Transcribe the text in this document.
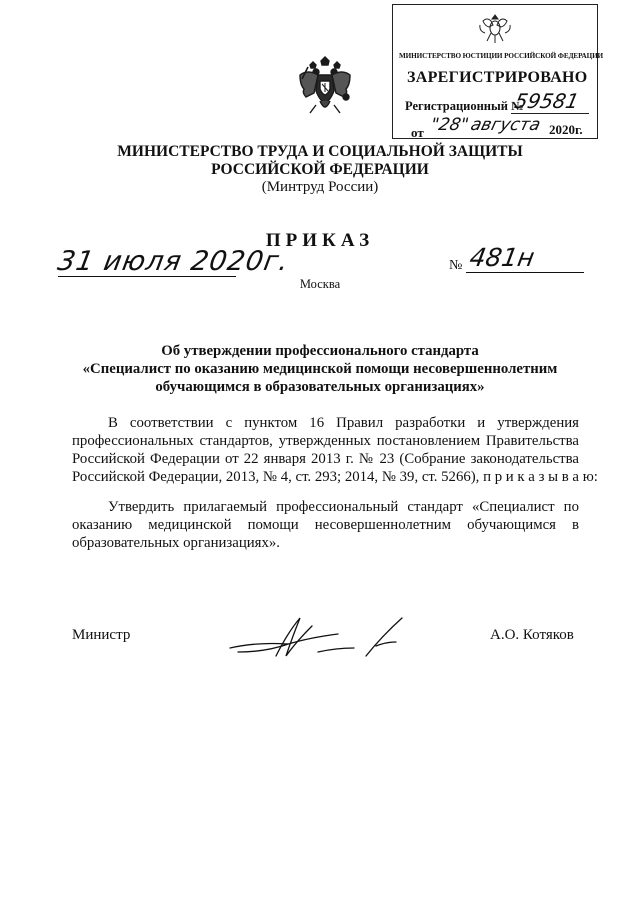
МИНИСТЕРСТВО ЮСТИЦИИ РОССИЙСКОЙ ФЕДЕРАЦИИ
ЗАРЕГИСТРИРОВАНО
Регистрационный №
59581
от "28"
августа 2020г.
МИНИСТЕРСТВО ТРУДА И СОЦИАЛЬНОЙ ЗАЩИТЫ
РОССИЙСКОЙ ФЕДЕРАЦИИ
(Минтруд России)
ПРИКАЗ
31 июля 2020г.	№ 481н
Москва
Об утверждении профессионального стандарта
«Специалист по оказанию медицинской помощи несовершеннолетним
обучающимся в образовательных организациях»
В соответствии с пунктом 16 Правил разработки и утверждения
профессиональных стандартов, утвержденных постановлением Правительства
Российской Федерации от 22 января 2013 г. № 23 (Собрание законодательства
Российской Федерации, 2013, № 4, ст. 293; 2014, № 39, ст. 5266), п р и к а з ы в а ю:
Утвердить прилагаемый профессиональный стандарт «Специалист по
оказанию медицинской помощи несовершеннолетним обучающимся в
образовательных организациях».
Министр	А.О. Котяков
